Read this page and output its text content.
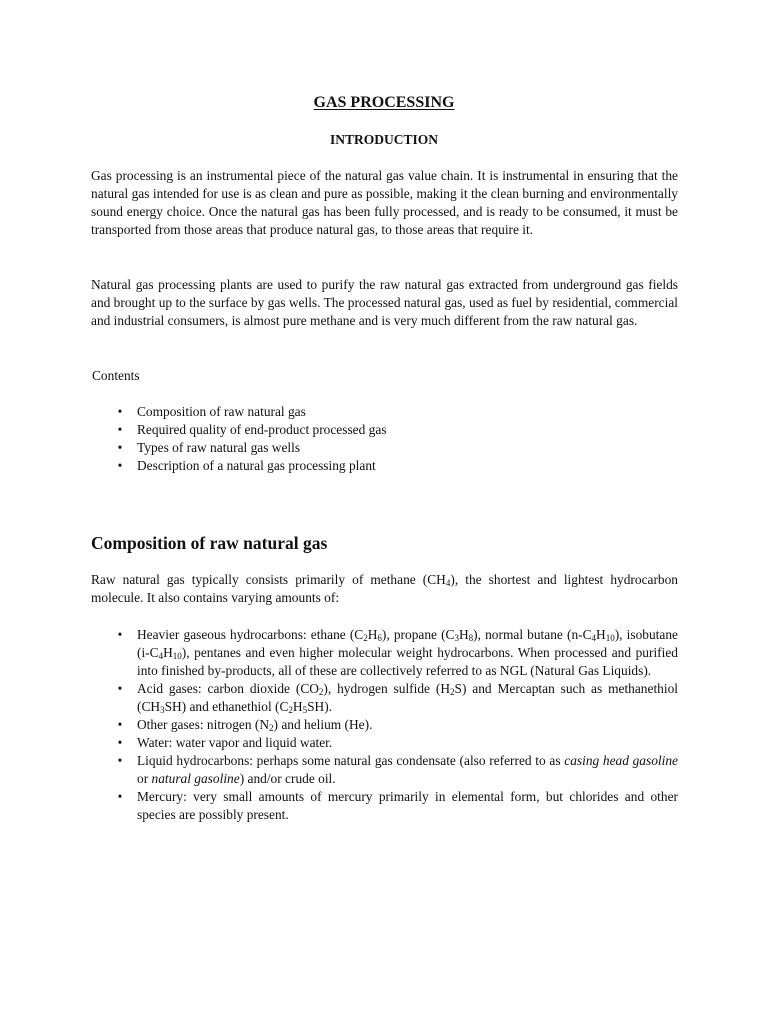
GAS PROCESSING
INTRODUCTION

Gas processing is an instrumental piece of the natural gas value chain. It is instrumental in ensuring that the natural gas intended for use is as clean and pure as possible, making it the clean burning and environmentally sound energy choice. Once the natural gas has been fully processed, and is ready to be consumed, it must be transported from those areas that produce natural gas, to those areas that require it.

Natural gas processing plants are used to purify the raw natural gas extracted from underground gas fields and brought up to the surface by gas wells. The processed natural gas, used as fuel by residential, commercial and industrial consumers, is almost pure methane and is very much different from the raw natural gas.

Contents

• Composition of raw natural gas
• Required quality of end-product processed gas
• Types of raw natural gas wells
• Description of a natural gas processing plant
Composition of raw natural gas

Raw natural gas typically consists primarily of methane $(CH_4)$, the shortest and lightest hydrocarbon molecule. It also contains varying amounts of:

• Heavier gaseous hydrocarbons: ethane $(C_2H_6)$, propane $(C_3H_8)$, normal butane $(n-C_4H_{10})$, isobutane $(i-C_4H_{10})$, pentanes and even higher molecular weight hydrocarbons. When processed and purified into finished by-products, all of these are collectively referred to as NGL (Natural Gas Liquids).
• Acid gases: carbon dioxide $(CO_2)$, hydrogen sulfide $(H_2S)$ and Mercaptan such as methanethiol $(CH_3SH)$ and ethanethiol $(C_2H_5SH)$.
• Other gases: nitrogen $(N_2)$ and helium (He).
• Water: water vapor and liquid water.
• Liquid hydrocarbons: perhaps some natural gas condensate (also referred to as casing head gasoline or natural gasoline) and/or crude oil.
• Mercury: very small amounts of mercury primarily in elemental form, but chlorides and other species are possibly present.
